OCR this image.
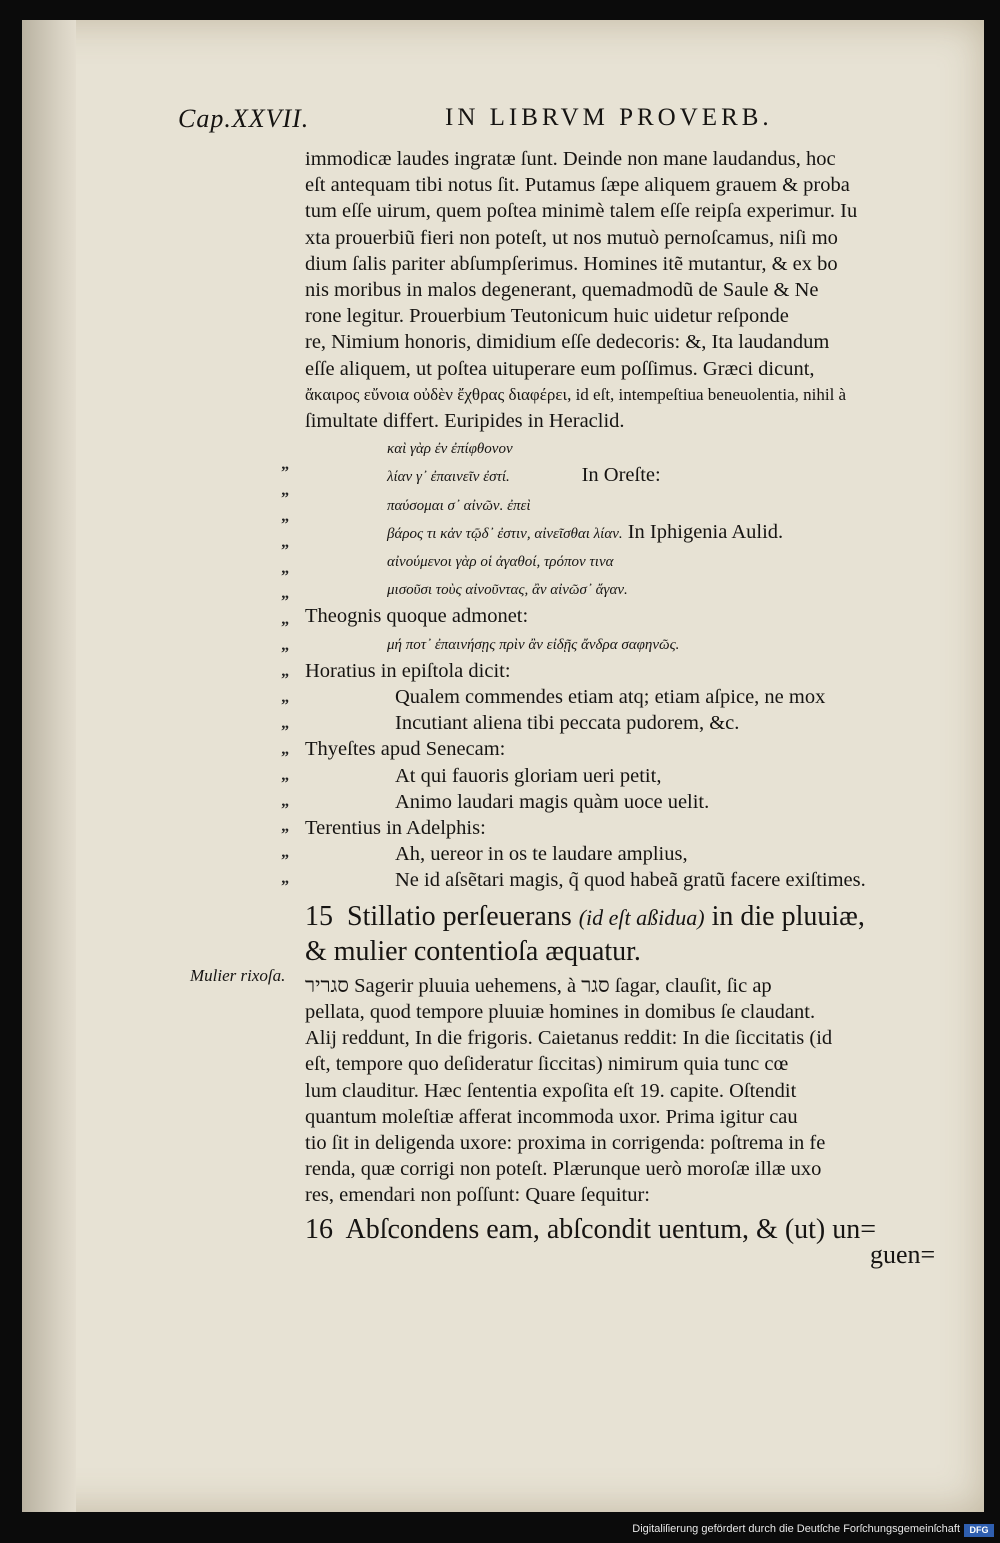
Cap.XXVII.	IN LIBRVM PROVERB.

immodicæ laudes ingratæ ſunt. Deinde non mane laudandus, hoc

eſt antequam tibi notus ſit. Putamus ſæpe aliquem grauem & proba

tum eſſe uirum, quem poſtea minimè talem eſſe reipſa experimur. Iu

xta prouerbiũ fieri non poteſt, ut nos mutuò pernoſcamus, niſi mo

dium ſalis pariter abſumpſerimus. Homines itẽ mutantur, & ex bo

nis moribus in malos degenerant, quemadmodũ de Saule & Ne

rone legitur. Prouerbium Teutonicum huic uidetur reſponde

re, Nimium honoris, dimidium eſſe dedecoris: &, Ita laudandum

eſſe aliquem, ut poſtea uituperare eum poſſimus. Græci dicunt,

ἄκαιρος εὔνοια οὐδὲν ἔχθρας διαφέρει, id eſt, intempeſtiua beneuolentia, nihil à

ſimultate differt. Euripides in Heraclid.

καὶ γὰρ ἐν ἐπίφθονον

λίαν γ᾽ ἐπαινεῖν ἐστί.	In Oreſte:

παύσομαι σ᾽ αἰνῶν. ἐπεὶ

βάρος τι κἀν τῷδ᾽ ἐστιν, αἰνεῖσθαι λίαν. In Iphigenia Aulid.

αἰνούμενοι γὰρ οἱ ἀγαθοί, τρόπον τινα

μισοῦσι τοὺς αἰνοῦντας, ἂν αἰνῶσ᾽ ἄγαν.

Theognis quoque admonet:

μή ποτ᾽ ἐπαινήσῃς πρὶν ἂν εἰδῇς ἄνδρα σαφηνῶς.

Horatius in epiſtola dicit:

Qualem commendes etiam atq; etiam aſpice, ne mox

Incutiant aliena tibi peccata pudorem, &c.

Thyeſtes apud Senecam:

At qui fauoris gloriam ueri petit,

Animo laudari magis quàm uoce uelit.

Terentius in Adelphis:

Ah, uereor in os te laudare amplius,

Ne id aſsẽtari magis, q̃ quod habeã gratũ facere exiſtimes.

15 Stillatio perſeuerans (id eſt aßidua) in die pluuiæ,
& mulier contentioſa æquatur.

סגריר Sagerir pluuia uehemens, à סגר ſagar, clauſit, ſic ap

pellata, quod tempore pluuiæ homines in domibus ſe claudant.

Alij reddunt, In die frigoris. Caietanus reddit: In die ſiccitatis (id

eſt, tempore quo deſideratur ſiccitas) nimirum quia tunc cœ

lum clauditur. Hæc ſententia expoſita eſt 19. capite. Oſtendit

quantum moleſtiæ afferat incommoda uxor. Prima igitur cau

tio ſit in deligenda uxore: proxima in corrigenda: poſtrema in fe

renda, quæ corrigi non poteſt. Plærunque uerò moroſæ illæ uxo

res, emendari non poſſunt: Quare ſequitur:

16 Abſcondens eam, abſcondit uentum, & (ut) un=
”
”
”
”
”
”
”
”
”
”
”
”
”
”
”
”
”
Mulier rixoſa.
guen=
Digitaliſierung gefördert durch die Deutſche Forſchungsgemeinſchaft	DFG
